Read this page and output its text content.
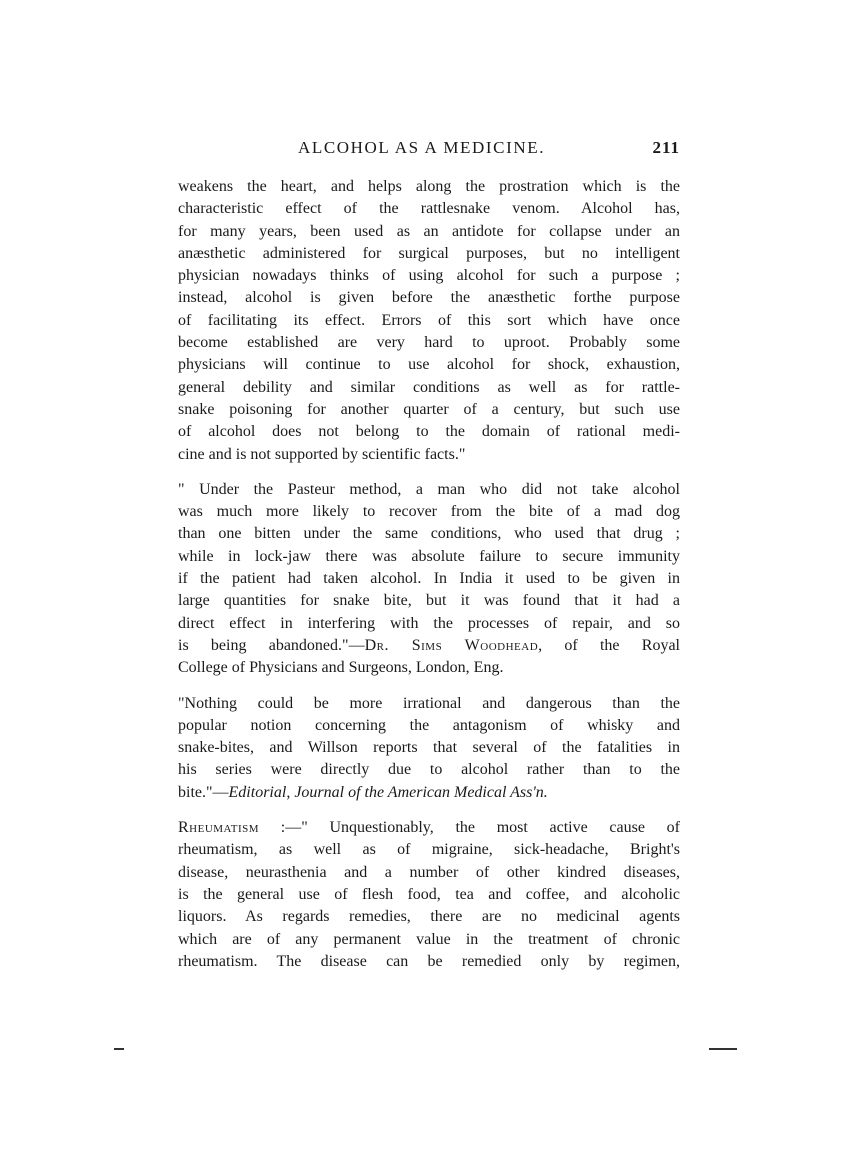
ALCOHOL AS A MEDICINE.	211
weakens the heart, and helps along the prostration which is the
characteristic effect of the rattlesnake venom. Alcohol has,
for many years, been used as an antidote for collapse under an
anæsthetic administered for surgical purposes, but no intelligent
physician nowadays thinks of using alcohol for such a purpose ;
instead, alcohol is given before the anæsthetic forthe purpose
of facilitating its effect. Errors of this sort which have once
become established are very hard to uproot. Probably some
physicians will continue to use alcohol for shock, exhaustion,
general debility and similar conditions as well as for rattle-
snake poisoning for another quarter of a century, but such use
of alcohol does not belong to the domain of rational medi-
cine and is not supported by scientific facts."
" Under the Pasteur method, a man who did not take alcohol
was much more likely to recover from the bite of a mad dog
than one bitten under the same conditions, who used that drug ;
while in lock-jaw there was absolute failure to secure immunity
if the patient had taken alcohol. In India it used to be given in
large quantities for snake bite, but it was found that it had a
direct effect in interfering with the processes of repair, and so
is being abandoned."—Dr. Sims Woodhead, of the Royal
College of Physicians and Surgeons, London, Eng.
"Nothing could be more irrational and dangerous than the
popular notion concerning the antagonism of whisky and
snake-bites, and Willson reports that several of the fatalities in
his series were directly due to alcohol rather than to the
bite."—Editorial, Journal of the American Medical Ass'n.
Rheumatism :—" Unquestionably, the most active cause of
rheumatism, as well as of migraine, sick-headache, Bright's
disease, neurasthenia and a number of other kindred diseases,
is the general use of flesh food, tea and coffee, and alcoholic
liquors. As regards remedies, there are no medicinal agents
which are of any permanent value in the treatment of chronic
rheumatism. The disease can be remedied only by regimen,
